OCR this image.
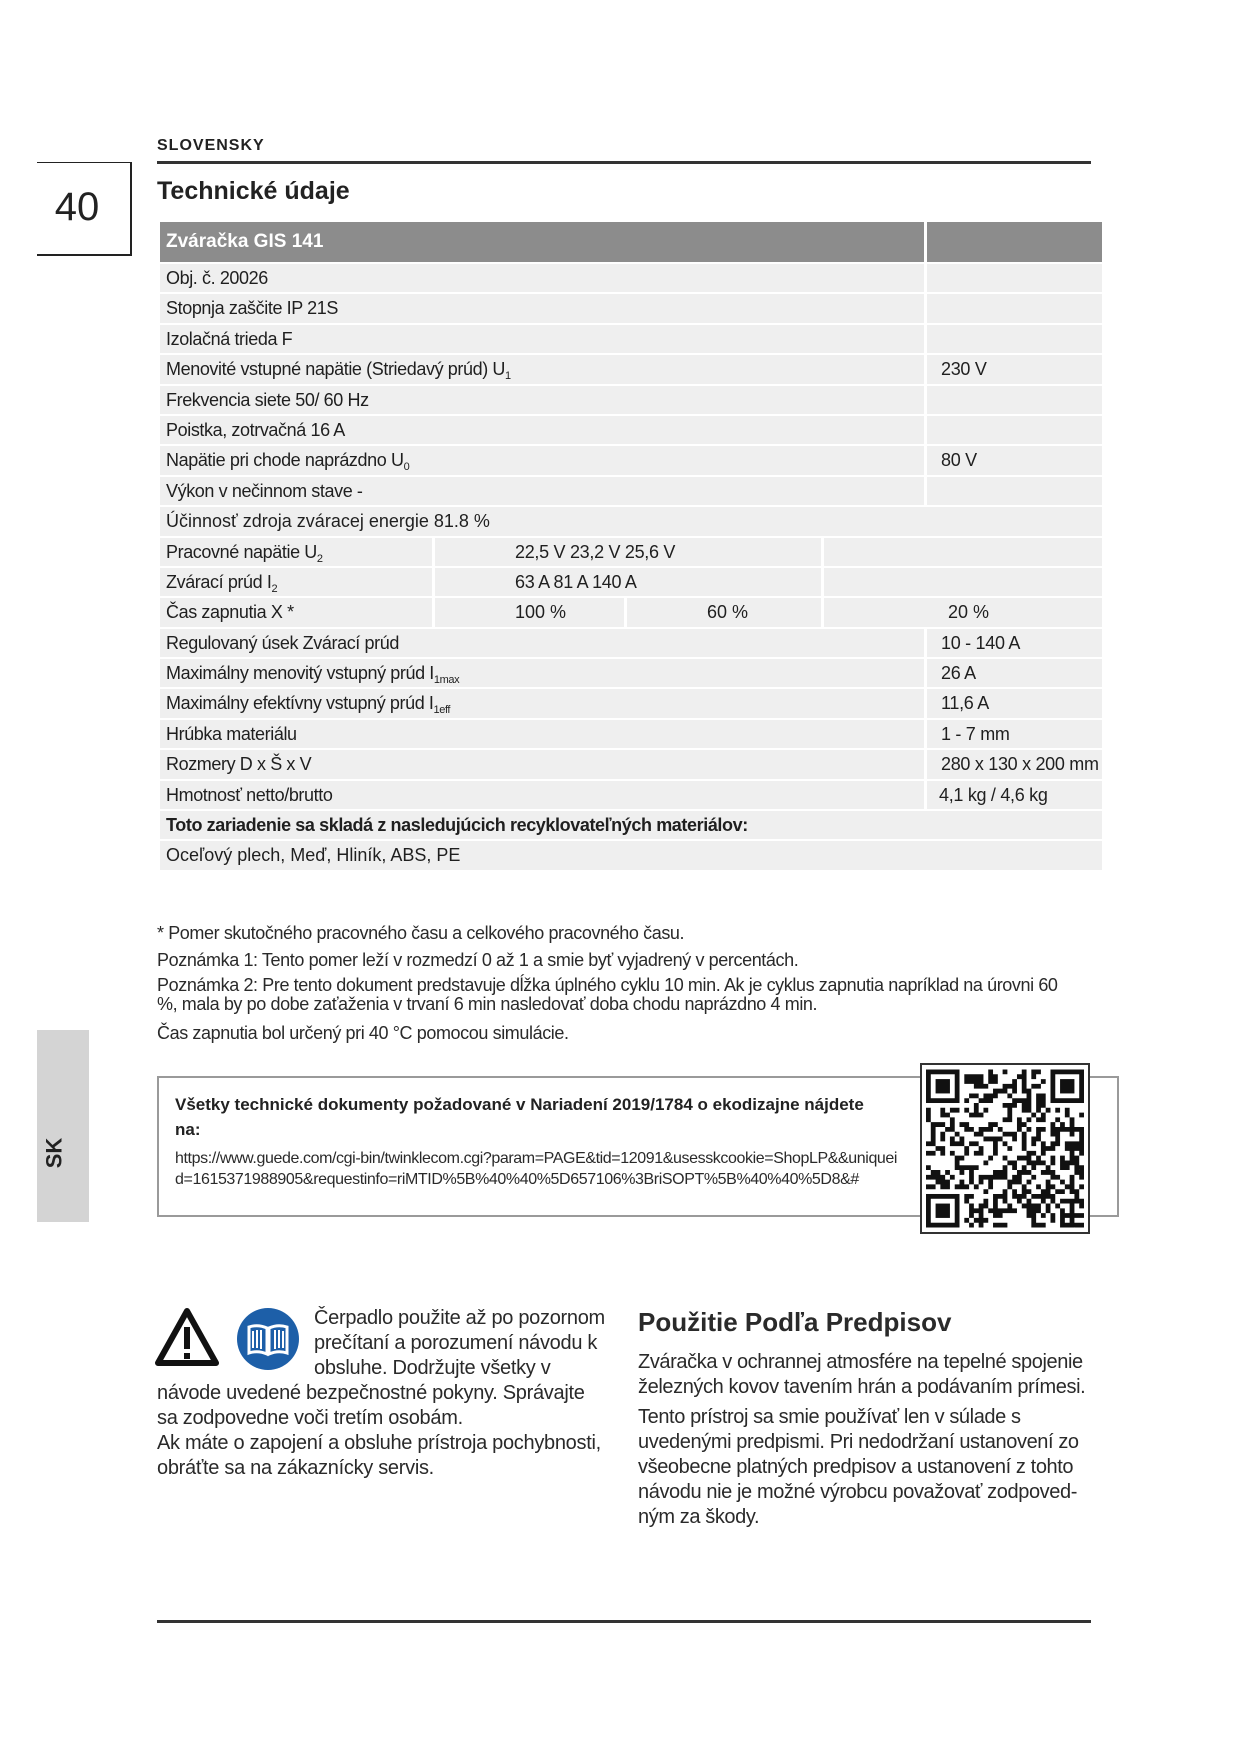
40
SLOVENSKY
Technické údaje
Zváračka GIS 141
Obj. č. 20026
Stopnja zaščite IP 21S
Izolačná trieda F
Menovité vstupné napätie (Striedavý prúd) $U_1$	230 V
Frekvencia siete 50/ 60 Hz
Poistka, zotrvačná 16 A
Napätie pri chode naprázdno $U_0$	80 V
Výkon v nečinnom stave -
Účinnosť zdroja zváracej energie 81.8 %
Pracovné napätie $U_2$	22,5 V 23,2 V 25,6 V
Zvárací prúd $I_2$	63 A 81 A 140 A
Čas zapnutia X *	100 %	60 %	20 %
Regulovaný úsek Zvárací prúd	10 - 140 A
Maximálny menovitý vstupný prúd $I_{1max}$	26 A
Maximálny efektívny vstupný prúd $I_{1eff}$	11,6 A
Hrúbka materiálu	1 - 7 mm
Rozmery D x Š x V	280 x 130 x 200 mm
Hmotnosť netto/brutto	4,1 kg / 4,6 kg
Toto zariadenie sa skladá z nasledujúcich recyklovateľných materiálov:
Oceľový plech, Meď, Hliník, ABS, PE

* Pomer skutočného pracovného času a celkového pracovného času.

Poznámka 1: Tento pomer leží v rozmedzí 0 až 1 a smie byť vyjadrený v percentách.

Poznámka 2: Pre tento dokument predstavuje dĺžka úplného cyklu 10 min. Ak je cyklus zapnutia napríklad na úrovni 60 %, mala by po dobe zaťaženia v trvaní 6 min nasledovať doba chodu naprázdno 4 min.

Čas zapnutia bol určený pri 40 °C pomocou simulácie.

SK
Všetky technické dokumenty požadované v Nariadení 2019/1784 o ekodizajne nájdete na:
https://www.guede.com/cgi-bin/twinklecom.cgi?param=PAGE&tid=12091&usesskcookie=ShopLP&&uniqueid=1615371988905&requestinfo=riMTID%5B%40%40%5D657106%3BriSOPT%5B%40%40%5D8&#
Čerpadlo použite až po pozornom prečítaní a porozumení návodu k obsluhe. Dodržujte všetky v návode uvedené bezpečnostné pokyny. Správajte sa zodpovedne voči tretím osobám.
Ak máte o zapojení a obsluhe prístroja pochybnosti, obráťte sa na zákaznícky servis.
Použitie Podľa Predpisov

Zváračka v ochrannej atmosfére na tepelné spojenie železných kovov tavením hrán a podávaním prímesi.

Tento prístroj sa smie používať len v súlade s uvedenými predpismi. Pri nedodržaní ustanovení zo všeobecne platných predpisov a ustanovení z tohto návodu nie je možné výrobcu považovať zodpoved- ným za škody.
